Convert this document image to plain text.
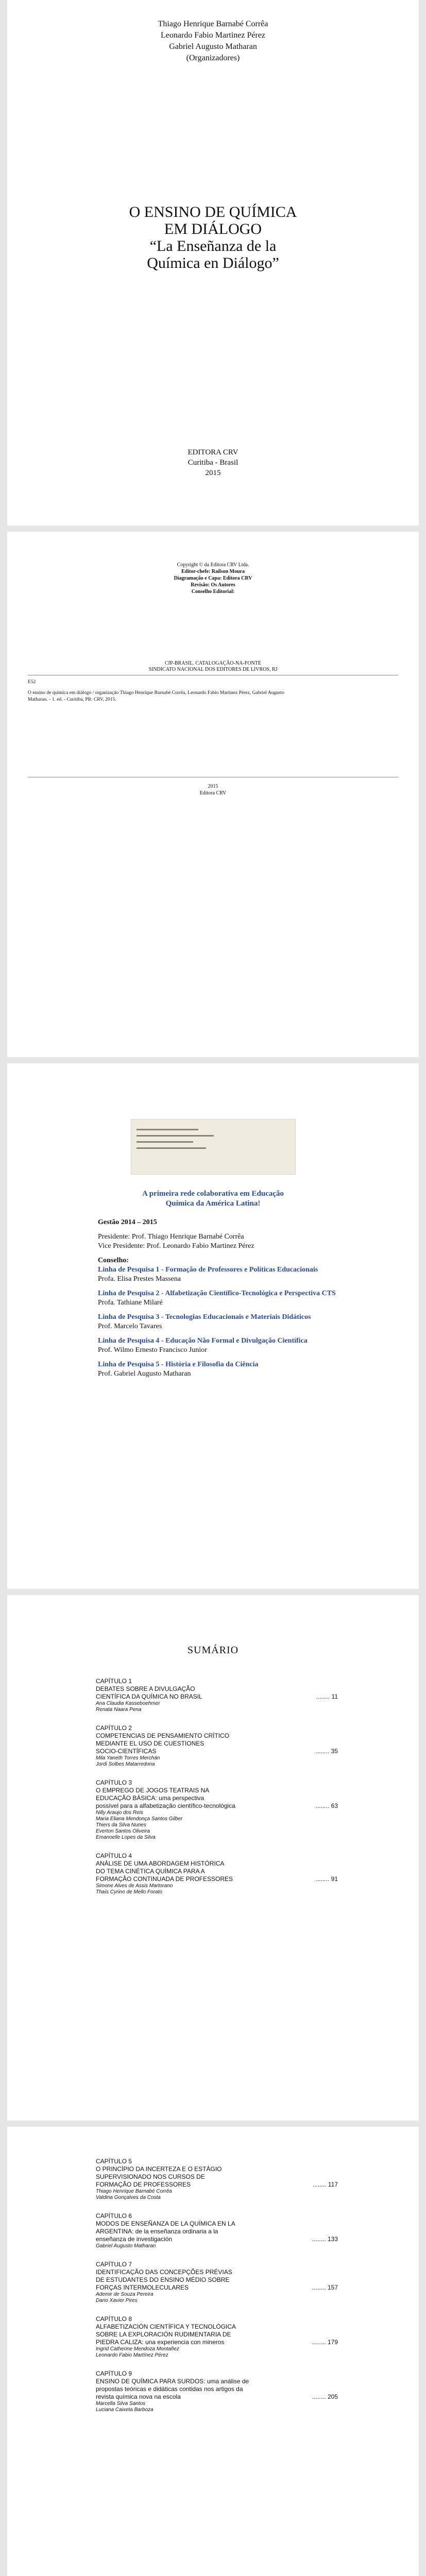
Thiago Henrique Barnabé Corrêa
Leonardo Fabio Martinez Pérez
Gabriel Augusto Matharan
(Organizadores)
O ENSINO DE QUÍMICA
EM DIÁLOGO
“La Enseñanza de la
Química en Diálogo”
EDITORA CRV
Curitiba - Brasil
2015
Copyright © da Editora CRV Ltda.
Editor-chefe: Railson Moura
Diagramação e Capa: Editora CRV
Revisão: Os Autores
Conselho Editorial:
CIP-BRASIL. CATALOGAÇÃO-NA-FONTE
SINDICATO NACIONAL DOS EDITORES DE LIVROS, RJ
E52
O ensino de química em diálogo / organização Thiago Henrique Barnabé Corrêa, Leonardo Fabio Martinez Pérez, Gabriel Augusto
Matharan. - 1. ed. - Curitiba, PR: CRV, 2015.
2015
Editora CRV
A primeira rede colaborativa em Educação
Química da América Latina!
Gestão 2014 – 2015
Presidente: Prof. Thiago Henrique Barnabé Corrêa
Vice Presidente: Prof. Leonardo Fabio Martinez Pérez
Conselho:
Linha de Pesquisa 1 - Formação de Professores e Políticas Educacionais
Profa. Elisa Prestes Massena
Linha de Pesquisa 2 - Alfabetização Científico-Tecnológica e Perspectiva CTS
Profa. Tathiane Milaré
Linha de Pesquisa 3 - Tecnologias Educacionais e Materiais Didáticos
Prof. Marcelo Tavares
Linha de Pesquisa 4 - Educação Não Formal e Divulgação Científica
Prof. Wilmo Ernesto Francisco Junior
Linha de Pesquisa 5 - História e Filosofia da Ciência
Prof. Gabriel Augusto Matharan
SUMÁRIO
CAPÍTULO 1
DEBATES SOBRE A DIVULGAÇÃO
CIENTÍFICA DA QUÍMICA NO BRASIL	........ 11
Ana Claudia Kasseboehmer
Renata Naara Pena
CAPÍTULO 2
COMPETENCIAS DE PENSAMIENTO CRÍTICO
MEDIANTE EL USO DE CUESTIONES
SOCIO-CIENTÍFICAS	........ 35
Mila Yaneth Torres Merchán
Jordi Solbes Matarredona
CAPÍTULO 3
O EMPREGO DE JOGOS TEATRAIS NA
EDUCAÇÃO BÁSICA: uma perspectiva
possível para a alfabetização científico-tecnológica	........ 63
Nilly Araujo dos Reis
Maria Eliana Mendonça Santos Gilber
Thiers da Silva Nunes
Everton Santos Oliveira
Emanoelle Lopes da Silva
CAPÍTULO 4
ANÁLISE DE UMA ABORDAGEM HISTÓRICA
DO TEMA CINÉTICA QUÍMICA PARA A
FORMAÇÃO CONTINUADA DE PROFESSORES	........ 91
Simone Alves de Assis Martorano
Thaís Cyrino de Mello Forato
CAPÍTULO 5
O PRINCÍPIO DA INCERTEZA E O ESTÁGIO
SUPERVISIONADO NOS CURSOS DE
FORMAÇÃO DE PROFESSORES	........ 117
Thiago Henrique Barnabé Corrêa
Valdina Gonçalves da Costa
CAPÍTULO 6
MODOS DE ENSEÑANZA DE LA QUÍMICA EN LA
ARGENTINA: de la enseñanza ordinaria a la
enseñanza de investigación	........ 133
Gabriel Augusto Matharan
CAPÍTULO 7
IDENTIFICAÇÃO DAS CONCEPÇÕES PRÉVIAS
DE ESTUDANTES DO ENSINO MÉDIO SOBRE
FORÇAS INTERMOLECULARES	........ 157
Ademir de Souza Pereira
Dario Xavier Pires
CAPÍTULO 8
ALFABETIZACIÓN CIENTÍFICA Y TECNOLÓGICA
SOBRE LA EXPLORACIÓN RUDIMENTARIA DE
PIEDRA CALIZA: una experiencia con mineros	........ 179
Ingrid Catherine Mendoza Montañez
Leonardo Fabio Martínez Pérez
CAPÍTULO 9
ENSINO DE QUÍMICA PARA SURDOS: uma análise de
propostas teóricas e didáticas contidas nos artigos da
revista química nova na escola	........ 205
Marcella Silva Santos
Luciana Caixeta Barboza
